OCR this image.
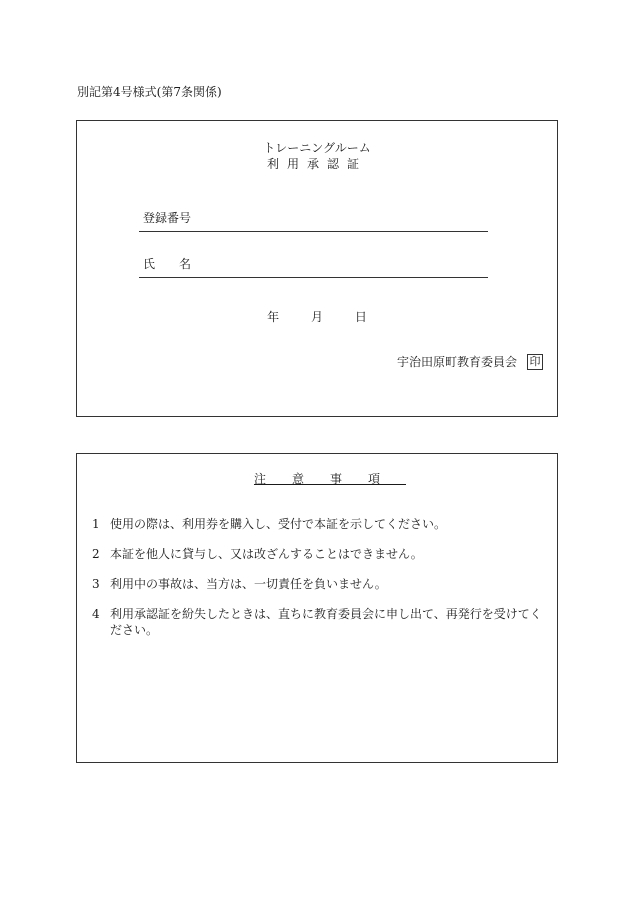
別記第4号様式(第7条関係)
トレーニングルーム
利用承認証
登録番号
氏　　名
年	月	日
宇治田原町教育委員会 印
注意事項
1 使用の際は、利用券を購入し、受付で本証を示してください。
2 本証を他人に貸与し、又は改ざんすることはできません。
3 利用中の事故は、当方は、一切責任を負いません。
4 利用承認証を紛失したときは、直ちに教育委員会に申し出て、再発行を受けてください。
